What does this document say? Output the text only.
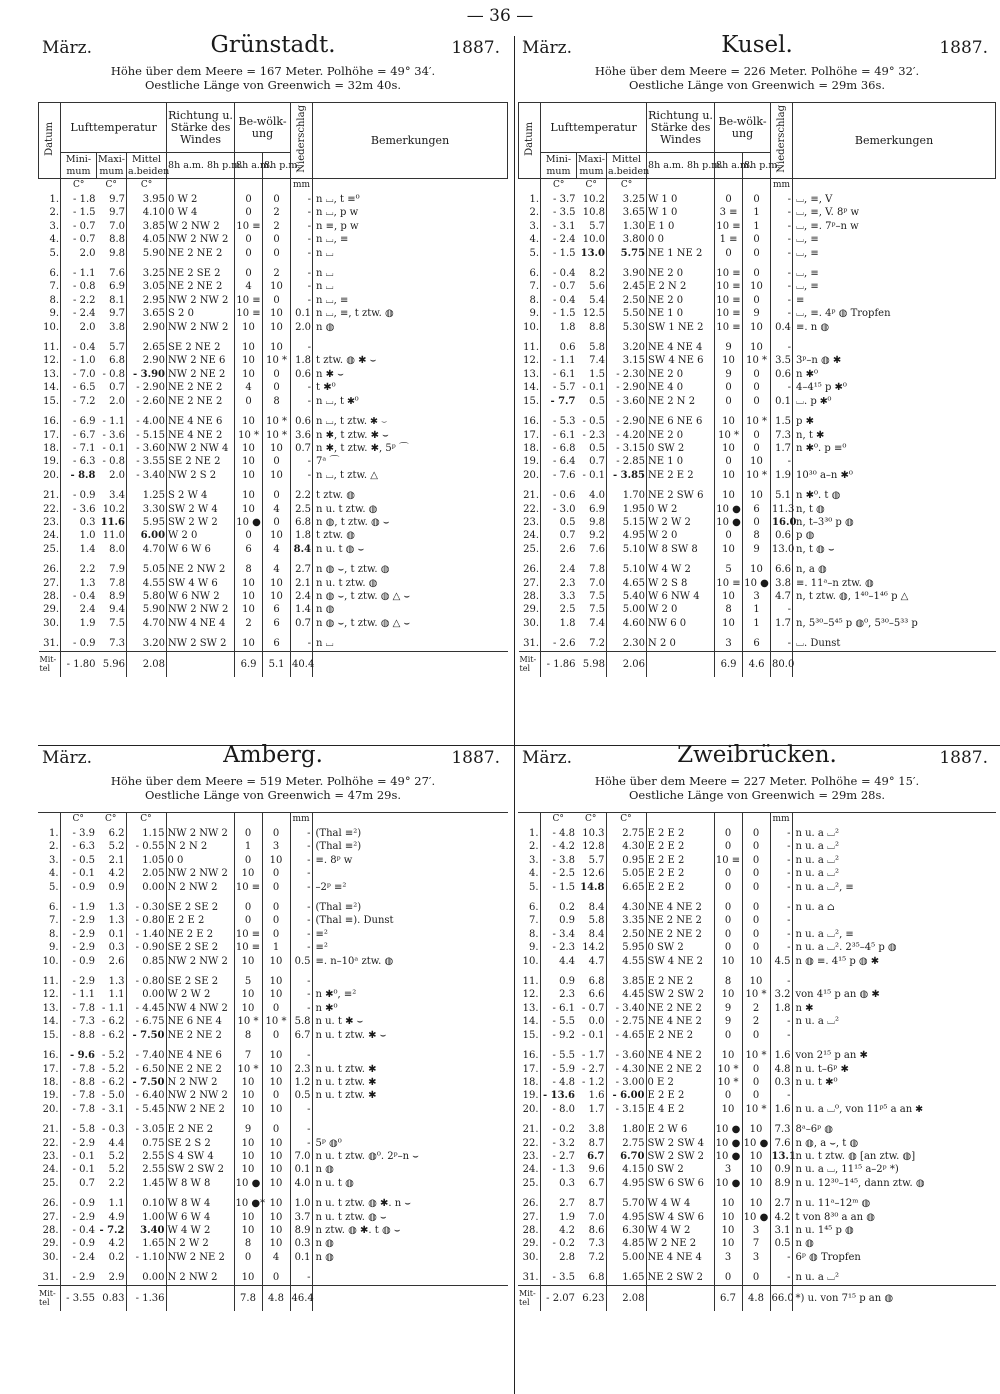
— 36 —
März.	Grünstadt.	1887.
Höhe über dem Meere = 167 Meter. Polhöhe = 49° 34′.
Oestliche Länge von Greenwich = 32m 40s.
Datum	Lufttemperatur			Richtung u. Stärke des Windes	Be-wölk-ung		Niederschlag	Bemerkungen
	Mini-mum	Maxi-mum	Mittel a.beiden	8h a.m. 8h p.m.	8h a.m.	8h p.m.		
	C°	C°	C°				mm	
1.	- 1.8	9.7	3.95	0 W 2	0	0	-	n ⌴, t ≡⁰
2.	- 1.5	9.7	4.10	0 W 4	0	2	-	n ⌴, p ᴡ
3.	- 0.7	7.0	3.85	W 2 NW 2	10 ≡	2	-	n ≡, p ᴡ
4.	- 0.7	8.8	4.05	NW 2 NW 2	0	0	-	n ⌴, ≡
5.	2.0	9.8	5.90	NE 2 NE 2	0	0	-	n ⌴

6.	- 1.1	7.6	3.25	NE 2 SE 2	0	2	-	n ⌴
7.	- 0.8	6.9	3.05	NE 2 NE 2	4	10	-	n ⌴
8.	- 2.2	8.1	2.95	NW 2 NW 2	10 ≡	0	-	n ⌴, ≡
9.	- 2.4	9.7	3.65	S 2 0	10 ≡	10	0.1	n ⌴, ≡, t ztw. ◍
10.	2.0	3.8	2.90	NW 2 NW 2	10	10	2.0	n ◍

11.	- 0.4	5.7	2.65	SE 2 NE 2	10	10	-	
12.	- 1.0	6.8	2.90	NW 2 NE 6	10	10 *	1.8	t ztw. ◍ ✱ ⌣
13.	- 7.0	- 0.8	- 3.90	NW 2 NE 2	10	0	0.6	n ✱ ⌣
14.	- 6.5	0.7	- 2.90	NE 2 NE 2	4	0	-	t ✱⁰
15.	- 7.2	2.0	- 2.60	NE 2 NE 2	0	8	-	n ⌴, t ✱⁰

16.	- 6.9	- 1.1	- 4.00	NE 4 NE 6	10	10 *	0.6	n ⌴, t ztw. ✱ ⌣
17.	- 6.7	- 3.6	- 5.15	NE 4 NE 2	10 *	10 *	3.6	n ✱, t ztw. ✱ ⌣
18.	- 7.1	- 0.1	- 3.60	NW 2 NW 4	10	10	0.7	n ✱, t ztw. ✱, 5ᵖ ⌒
19.	- 6.3	- 0.8	- 3.55	SE 2 NE 2	10	0	-	7ᵃ ⌒
20.	- 8.8	2.0	- 3.40	NW 2 S 2	10	10	-	n ⌴, t ztw. △

21.	- 0.9	3.4	1.25	S 2 W 4	10	0	2.2	t ztw. ◍
22.	- 3.6	10.2	3.30	SW 2 W 4	10	4	2.5	n u. t ztw. ◍
23.	0.3	11.6	5.95	SW 2 W 2	10 ●	0	6.8	n ◍, t ztw. ◍ ⌣
24.	1.0	11.0	6.00	W 2 0	0	10	1.8	t ztw. ◍
25.	1.4	8.0	4.70	W 6 W 6	6	4	8.4	n u. t ◍ ⌣

26.	2.2	7.9	5.05	NE 2 NW 2	8	4	2.7	n ◍ ⌣, t ztw. ◍
27.	1.3	7.8	4.55	SW 4 W 6	10	10	2.1	n u. t ztw. ◍
28.	- 0.4	8.9	5.80	W 6 NW 2	10	10	2.4	n ◍ ⌣, t ztw. ◍ △ ⌣
29.	2.4	9.4	5.90	NW 2 NW 2	10	6	1.4	n ◍
30.	1.9	7.5	4.70	NW 4 NE 4	2	6	0.7	n ◍ ⌣, t ztw. ◍ △ ⌣

31.	- 0.9	7.3	3.20	NW 2 SW 2	10	6	-	n ⌴
Mit-tel	- 1.80	5.96	2.08		6.9	5.1	40.4	
März.	Kusel.	1887.
Höhe über dem Meere = 226 Meter. Polhöhe = 49° 32′.
Oestliche Länge von Greenwich = 29m 36s.
Datum	Lufttemperatur			Richtung u. Stärke des Windes	Be-wölk-ung		Niederschlag	Bemerkungen
	Mini-mum	Maxi-mum	Mittel a.beiden	8h a.m. 8h p.m.	8h a.m.	8h p.m.		
	C°	C°	C°				mm	
1.	- 3.7	10.2	3.25	W 1 0	0	0	-	⌴, ≡, V
2.	- 3.5	10.8	3.65	W 1 0	3 ≡	1	-	⌴, ≡, V. 8ᵖ ᴡ
3.	- 3.1	5.7	1.30	E 1 0	10 ≡	1	-	⌴, ≡. 7ᵖ–n ᴡ
4.	- 2.4	10.0	3.80	0 0	1 ≡	0	-	⌴, ≡
5.	- 1.5	13.0	5.75	NE 1 NE 2	0	0	-	⌴, ≡

6.	- 0.4	8.2	3.90	NE 2 0	10 ≡	0	-	⌴, ≡
7.	- 0.7	5.6	2.45	E 2 N 2	10 ≡	10	-	⌴, ≡
8.	- 0.4	5.4	2.50	NE 2 0	10 ≡	0	-	≡
9.	- 1.5	12.5	5.50	NE 1 0	10 ≡	9	-	⌴, ≡. 4ᵖ ◍ Tropfen
10.	1.8	8.8	5.30	SW 1 NE 2	10 ≡	10	0.4	≡. n ◍

11.	0.6	5.8	3.20	NE 4 NE 4	9	10	-	
12.	- 1.1	7.4	3.15	SW 4 NE 6	10	10 *	3.5	3ᵖ–n ◍ ✱
13.	- 6.1	1.5	- 2.30	NE 2 0	9	0	0.6	n ✱⁰
14.	- 5.7	- 0.1	- 2.90	NE 4 0	0	0	-	4–4¹⁵ p ✱⁰
15.	- 7.7	0.5	- 3.60	NE 2 N 2	0	0	0.1	⌴. p ✱⁰

16.	- 5.3	- 0.5	- 2.90	NE 6 NE 6	10	10 *	1.5	p ✱
17.	- 6.1	- 2.3	- 4.20	NE 2 0	10 *	0	7.3	n, t ✱
18.	- 6.8	0.5	- 3.15	0 SW 2	10	0	1.7	n ✱⁰. p ≡⁰
19.	- 6.4	0.7	- 2.85	NE 1 0	0	10	-	
20.	- 7.6	- 0.1	- 3.85	NE 2 E 2	10	10 *	1.9	10³⁰ a–n ✱⁰

21.	- 0.6	4.0	1.70	NE 2 SW 6	10	10	5.1	n ✱⁰. t ◍
22.	- 3.0	6.9	1.95	0 W 2	10 ●	6	11.3	n, t ◍
23.	0.5	9.8	5.15	W 2 W 2	10 ●	0	16.0	n, t–3³⁰ p ◍
24.	0.7	9.2	4.95	W 2 0	0	8	0.6	p ◍
25.	2.6	7.6	5.10	W 8 SW 8	10	9	13.0	n, t ◍ ⌣

26.	2.4	7.8	5.10	W 4 W 2	5	10	6.6	n, a ◍
27.	2.3	7.0	4.65	W 2 S 8	10 ≡	10 ●	3.8	≡. 11ᵃ–n ztw. ◍
28.	3.3	7.5	5.40	W 6 NW 4	10	3	4.7	n, t ztw. ◍, 1⁴⁰–1⁴⁶ p △
29.	2.5	7.5	5.00	W 2 0	8	1	-	
30.	1.8	7.4	4.60	NW 6 0	10	1	1.7	n, 5³⁰–5⁴⁵ p ◍⁰, 5³⁰–5³³ p

31.	- 2.6	7.2	2.30	N 2 0	3	6	-	⌴. Dunst
Mit-tel	- 1.86	5.98	2.06		6.9	4.6	80.0	
März.	Amberg.	1887.
Höhe über dem Meere = 519 Meter. Polhöhe = 49° 27′.
Oestliche Länge von Greenwich = 47m 29s.
	C°	C°	C°				mm	
1.	- 3.9	6.2	1.15	NW 2 NW 2	0	0	-	(Thal ≡²)
2.	- 6.3	5.2	- 0.55	N 2 N 2	1	3	-	(Thal ≡²)
3.	- 0.5	2.1	1.05	0 0	0	10	-	≡. 8ᵖ ᴡ
4.	- 0.1	4.2	2.05	NW 2 NW 2	10	0	-	
5.	- 0.9	0.9	0.00	N 2 NW 2	10 ≡	0	-	–2ᵖ ≡²

6.	- 1.9	1.3	- 0.30	SE 2 SE 2	0	0	-	(Thal ≡²)
7.	- 2.9	1.3	- 0.80	E 2 E 2	0	0	-	(Thal ≡). Dunst
8.	- 2.9	0.1	- 1.40	NE 2 E 2	10 ≡	0	-	≡²
9.	- 2.9	0.3	- 0.90	SE 2 SE 2	10 ≡	1	-	≡²
10.	- 0.9	2.6	0.85	NW 2 NW 2	10	10	0.5	≡. n–10ᵃ ztw. ◍

11.	- 2.9	1.3	- 0.80	SE 2 SE 2	5	10	-	
12.	- 1.1	1.1	0.00	W 2 W 2	10	10	-	n ✱⁰, ≡²
13.	- 7.8	- 1.1	- 4.45	NW 4 NW 2	10	0	-	n ✱⁰
14.	- 7.3	- 6.2	- 6.75	NE 6 NE 4	10 *	10 *	5.8	n u. t ✱ ⌣
15.	- 8.8	- 6.2	- 7.50	NE 2 NE 2	8	0	6.7	n u. t ztw. ✱ ⌣

16.	- 9.6	- 5.2	- 7.40	NE 4 NE 6	7	10	-	
17.	- 7.8	- 5.2	- 6.50	NE 2 NE 2	10 *	10	2.3	n u. t ztw. ✱
18.	- 8.8	- 6.2	- 7.50	N 2 NW 2	10	10	1.2	n u. t ztw. ✱
19.	- 7.8	- 5.0	- 6.40	NW 2 NW 2	10	0	0.5	n u. t ztw. ✱
20.	- 7.8	- 3.1	- 5.45	NW 2 NE 2	10	10	-	

21.	- 5.8	- 0.3	- 3.05	E 2 NE 2	9	0	-	
22.	- 2.9	4.4	0.75	SE 2 S 2	10	10	-	5ᵖ ◍⁰
23.	- 0.1	5.2	2.55	S 4 SW 4	10	10	7.0	n u. t ztw. ◍⁰. 2ᵖ–n ⌣
24.	- 0.1	5.2	2.55	SW 2 SW 2	10	10	0.1	n ◍
25.	0.7	2.2	1.45	W 8 W 8	10 ●	10	4.0	n u. t ◍

26.	- 0.9	1.1	0.10	W 8 W 4	10 ●*	10	1.0	n u. t ztw. ◍ ✱. n ⌣
27.	- 2.9	4.9	1.00	W 6 W 4	10	10	3.7	n u. t ztw. ◍ ⌣
28.	- 0.4	- 7.2	3.40	W 4 W 2	10	10	8.9	n ztw. ◍ ✱. t ◍ ⌣
29.	- 0.9	4.2	1.65	N 2 W 2	8	10	0.3	n ◍
30.	- 2.4	0.2	- 1.10	NW 2 NE 2	0	4	0.1	n ◍

31.	- 2.9	2.9	0.00	N 2 NW 2	10	0	-	
Mit-tel	- 3.55	0.83	- 1.36		7.8	4.8	46.4	
März.	Zweibrücken.	1887.
Höhe über dem Meere = 227 Meter. Polhöhe = 49° 15′.
Oestliche Länge von Greenwich = 29m 28s.
	C°	C°	C°				mm	
1.	- 4.8	10.3	2.75	E 2 E 2	0	0	-	n u. a ⌴²
2.	- 4.2	12.8	4.30	E 2 E 2	0	0	-	n u. a ⌴²
3.	- 3.8	5.7	0.95	E 2 E 2	10 ≡	0	-	n u. a ⌴²
4.	- 2.5	12.6	5.05	E 2 E 2	0	0	-	n u. a ⌴²
5.	- 1.5	14.8	6.65	E 2 E 2	0	0	-	n u. a ⌴², ≡

6.	0.2	8.4	4.30	NE 4 NE 2	0	0	-	n u. a ⌂
7.	0.9	5.8	3.35	NE 2 NE 2	0	0	-	
8.	- 3.4	8.4	2.50	NE 2 NE 2	0	0	-	n u. a ⌴², ≡
9.	- 2.3	14.2	5.95	0 SW 2	0	0	-	n u. a ⌴². 2³⁵–4⁵ p ◍
10.	4.4	4.7	4.55	SW 4 NE 2	10	10	4.5	n ◍ ≡. 4¹⁵ p ◍ ✱

11.	0.9	6.8	3.85	E 2 NE 2	8	10	-	
12.	2.3	6.6	4.45	SW 2 SW 2	10	10 *	3.2	von 4¹⁵ p an ◍ ✱
13.	- 6.1	- 0.7	- 3.40	NE 2 NE 2	9	2	1.8	n ✱
14.	- 5.5	0.0	- 2.75	NE 4 NE 2	9	2	-	n u. a ⌴²
15.	- 9.2	- 0.1	- 4.65	E 2 NE 2	0	0	-	

16.	- 5.5	- 1.7	- 3.60	NE 4 NE 2	10	10 *	1.6	von 2¹⁵ p an ✱
17.	- 5.9	- 2.7	- 4.30	NE 2 NE 2	10 *	0	4.8	n u. t–6ᵖ ✱
18.	- 4.8	- 1.2	- 3.00	0 E 2	10 *	0	0.3	n u. t ✱⁰
19.	- 13.6	1.6	- 6.00	E 2 E 2	0	0	-	
20.	- 8.0	1.7	- 3.15	E 4 E 2	10	10 *	1.6	n u. a ⌴⁰, von 11ᵖ⁵ a an ✱

21.	- 0.2	3.8	1.80	E 2 W 6	10 ●	10	7.3	8ᵃ–6ᵖ ◍
22.	- 3.2	8.7	2.75	SW 2 SW 4	10 ●	10 ●	7.6	n ◍, a ⌣, t ◍
23.	- 2.7	6.7	6.70	SW 2 SW 2	10 ●	10	13.1	n u. t ztw. ◍ [an ztw. ◍]
24.	- 1.3	9.6	4.15	0 SW 2	3	10	0.9	n u. a ⌴, 11¹⁵ a–2ᵖ *)
25.	0.3	6.7	4.95	SW 6 SW 6	10 ●	10	8.9	n u. 12³⁰–1⁴⁵, dann ztw. ◍

26.	2.7	8.7	5.70	W 4 W 4	10	10	2.7	n u. 11ᵃ–12ᵐ ◍
27.	1.9	7.0	4.95	SW 4 SW 6	10	10 ●	4.2	t von 8³⁰ a an ◍
28.	4.2	8.6	6.30	W 4 W 2	10	3	3.1	n u. 1⁴⁵ p ◍
29.	- 0.2	7.3	4.85	W 2 NE 2	10	7	0.5	n ◍
30.	2.8	7.2	5.00	NE 4 NE 4	3	3	-	6ᵖ ◍ Tropfen

31.	- 3.5	6.8	1.65	NE 2 SW 2	0	0	-	n u. a ⌴²
Mit-tel	- 2.07	6.23	2.08		6.7	4.8	66.0	*) u. von 7¹⁵ p an ◍
